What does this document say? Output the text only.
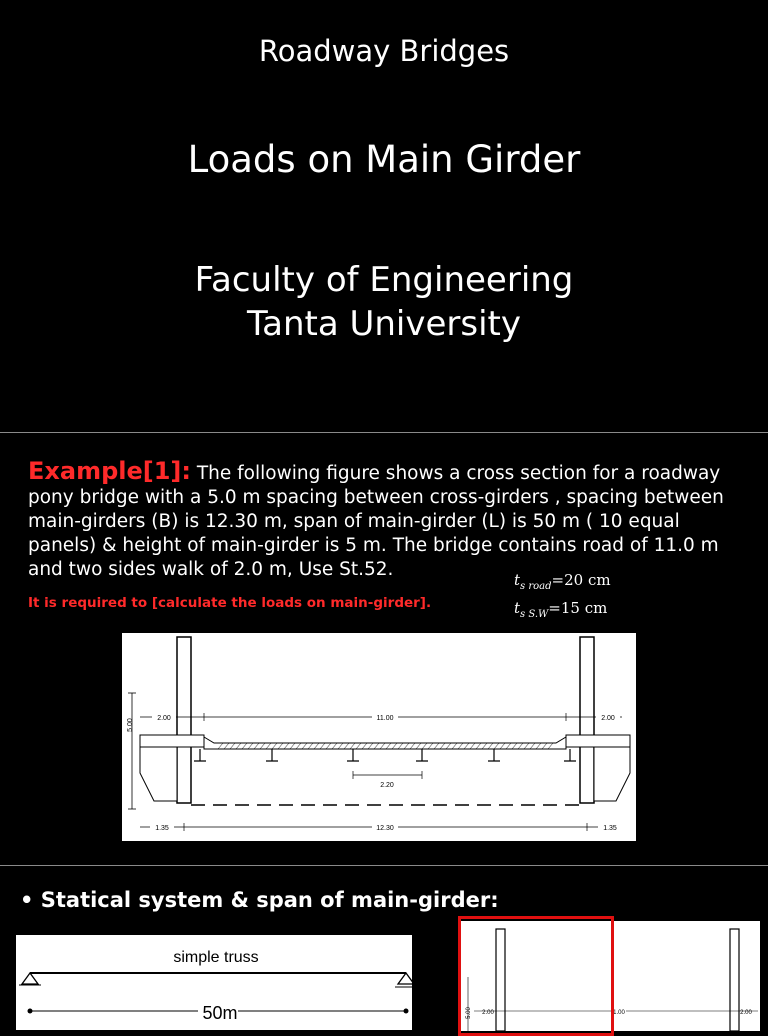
Roadway Bridges
Loads on Main Girder
Faculty of Engineering
Tanta University
Example[1]: The following figure shows a cross section for a roadway pony bridge with a 5.0 m spacing between cross-girders , spacing between main-girders (B) is 12.30 m, span of main-girder (L) is 50 m ( 10 equal panels) & height of main-girder is 5 m. The bridge contains road of 11.0 m and two sides walk of 2.0 m, Use St.52.
It is required to [calculate the loads on main-girder].
$t_{s road}=20$ cm
$t_{s S.W}=15$ cm
5.00	2.00	11.00	2.00
2.20
1.35	12.30	1.35
• Statical system & span of main-girder:
simple truss
50m	5.00 2.00	1.00	2.00
